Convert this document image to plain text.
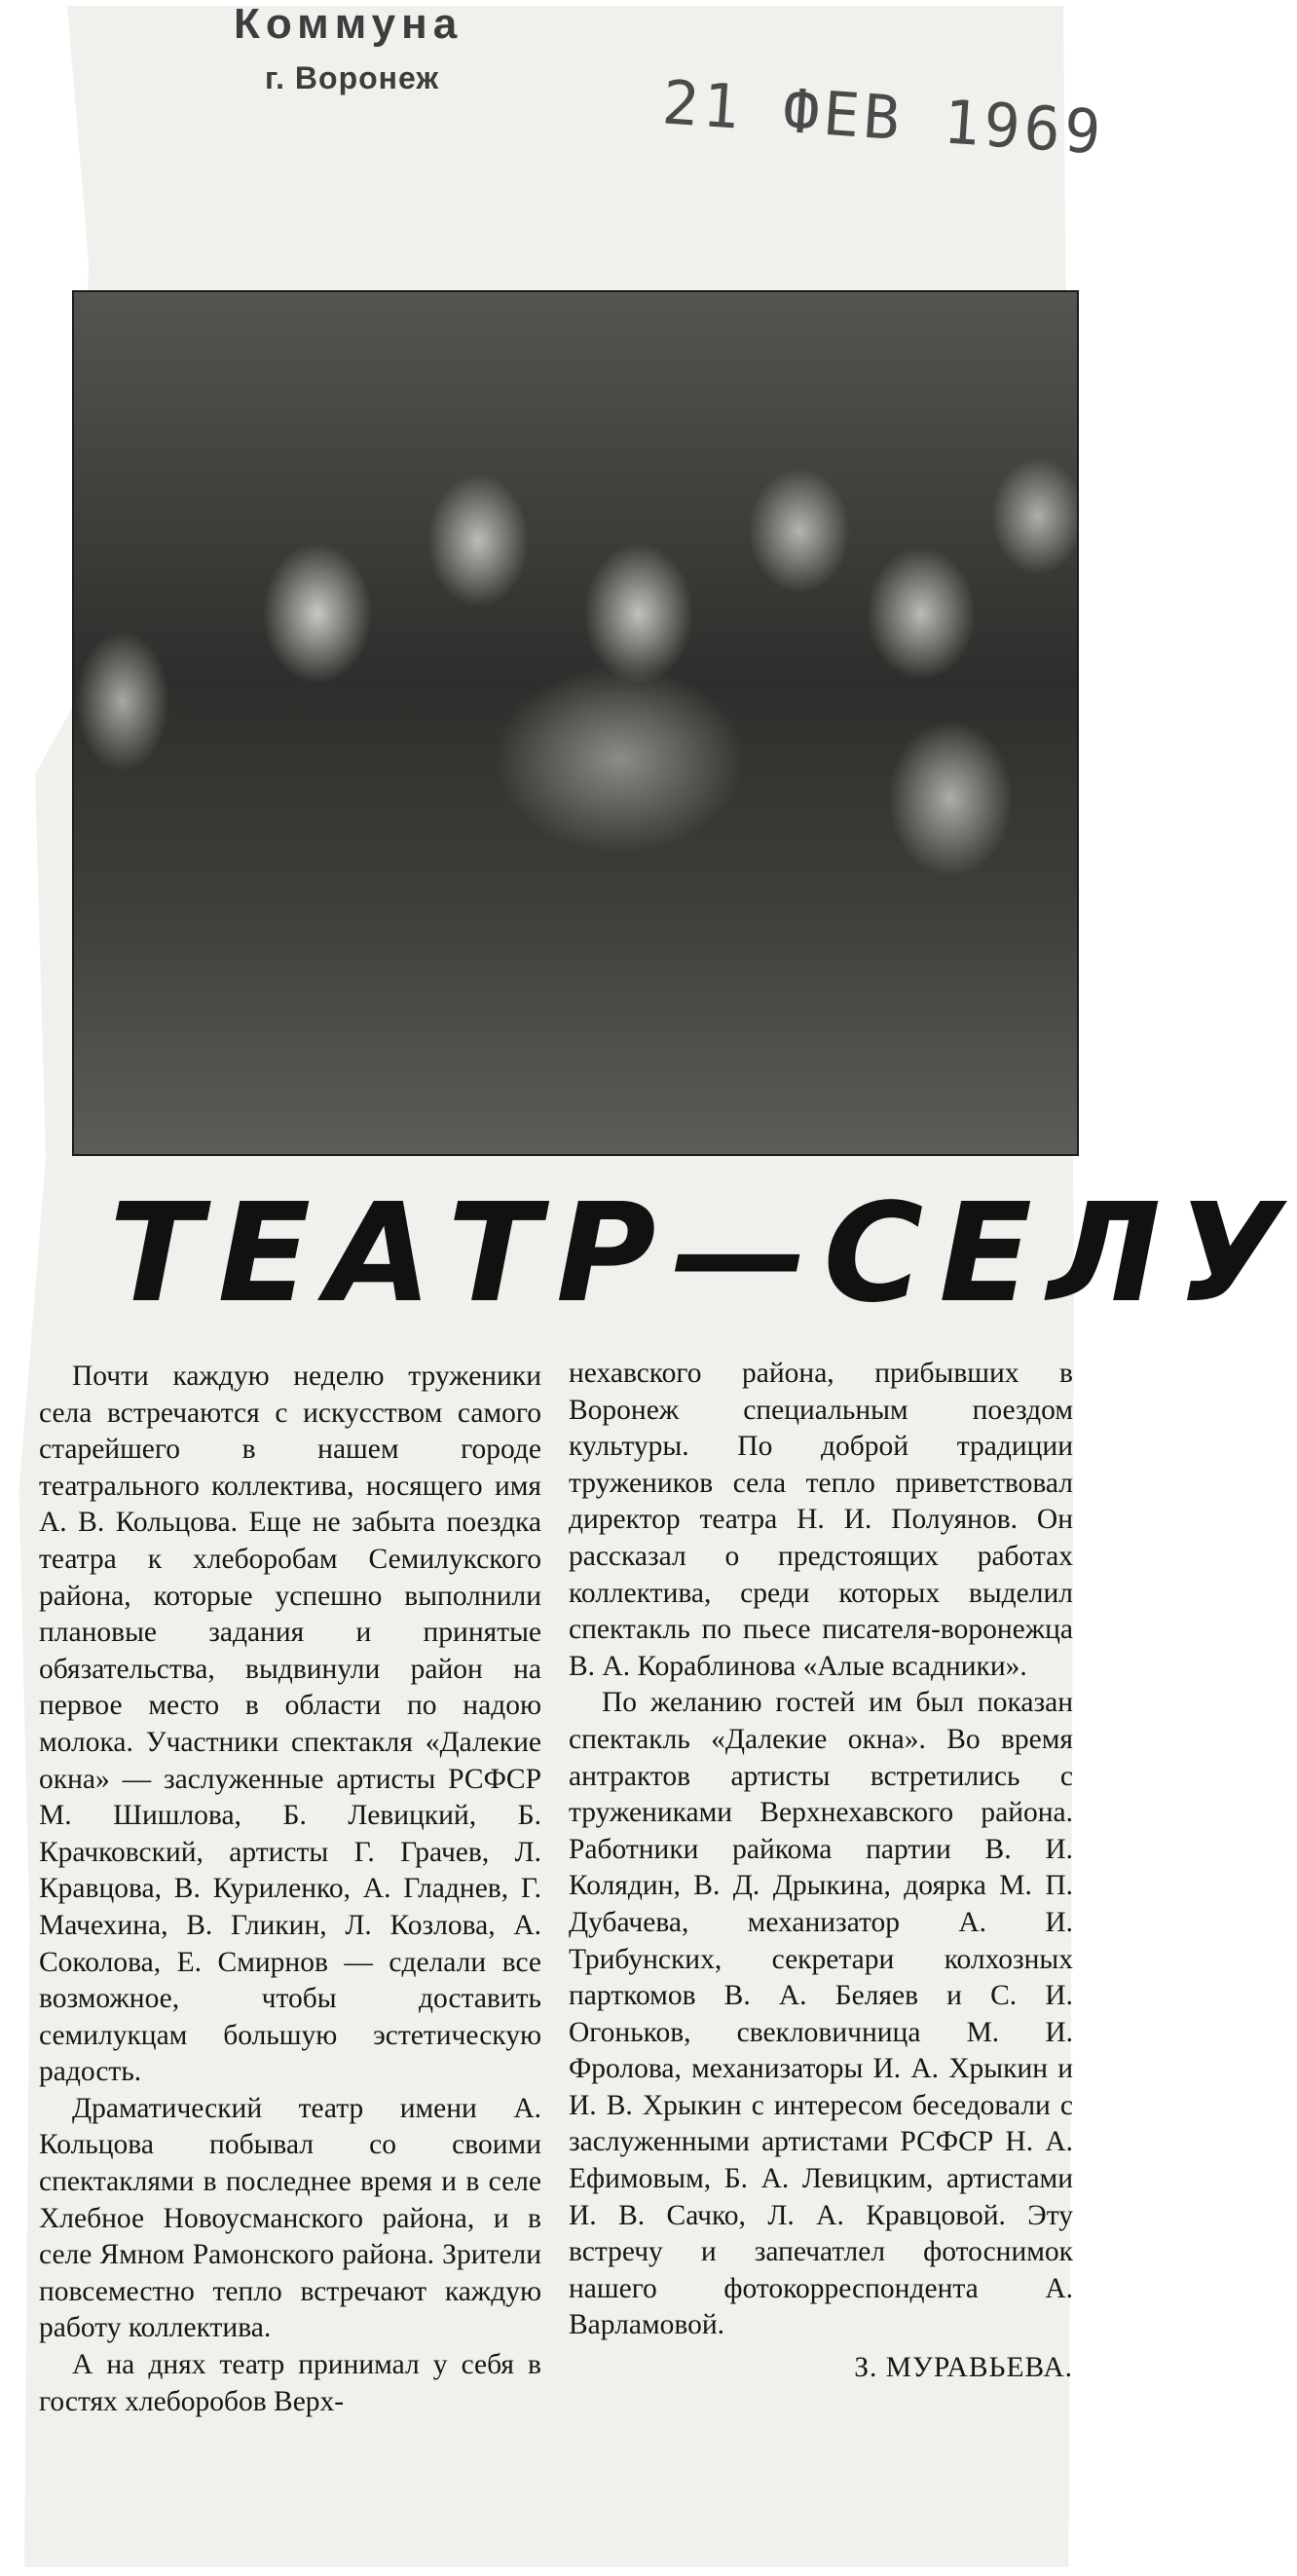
Коммуна
г. Воронеж	21 ФЕВ 1969
ТЕАТР—СЕЛУ

Почти каждую неделю труженики села встречаются с искусством самого старейшего в нашем городе театрального коллектива, носящего имя А. В. Кольцова. Еще не забыта поездка театра к хлеборобам Семилукского района, которые успешно выполнили плановые задания и принятые обязательства, выдвинули район на первое место в области по надою молока. Участники спектакля «Далекие окна» — заслуженные артисты РСФСР М. Шишлова, Б. Левицкий, Б. Крачковский, артисты Г. Грачев, Л. Кравцова, В. Куриленко, А. Гладнев, Г. Мачехина, В. Гликин, Л. Козлова, А. Соколова, Е. Смирнов — сделали все возможное, чтобы доставить семилукцам большую эстетическую радость.

Драматический театр имени А. Кольцова побывал со своими спектаклями в последнее время и в селе Хлебное Новоусманского района, и в селе Ямном Рамонского района. Зрители повсеместно тепло встречают каждую работу коллектива.

А на днях театр принимал у себя в гостях хлеборобов Верх-

нехавского района, прибывших в Воронеж специальным поездом культуры. По доброй традиции тружеников села тепло приветствовал директор театра Н. И. Полуянов. Он рассказал о предстоящих работах коллектива, среди которых выделил спектакль по пьесе писателя-воронежца В. А. Кораблинова «Алые всадники».

По желанию гостей им был показан спектакль «Далекие окна». Во время антрактов артисты встретились с тружениками Верхнехавского района. Работники райкома партии В. И. Колядин, В. Д. Дрыкина, доярка М. П. Дубачева, механизатор А. И. Трибунских, секретари колхозных парткомов В. А. Беляев и С. И. Огоньков, свекловичница М. И. Фролова, механизаторы И. А. Хрыкин и И. В. Хрыкин с интересом беседовали с заслуженными артистами РСФСР Н. А. Ефимовым, Б. А. Левицким, артистами И. В. Сачко, Л. А. Кравцовой. Эту встречу и запечатлел фотоснимок нашего фотокорреспондента А. Варламовой.

З. МУРАВЬЕВА.
